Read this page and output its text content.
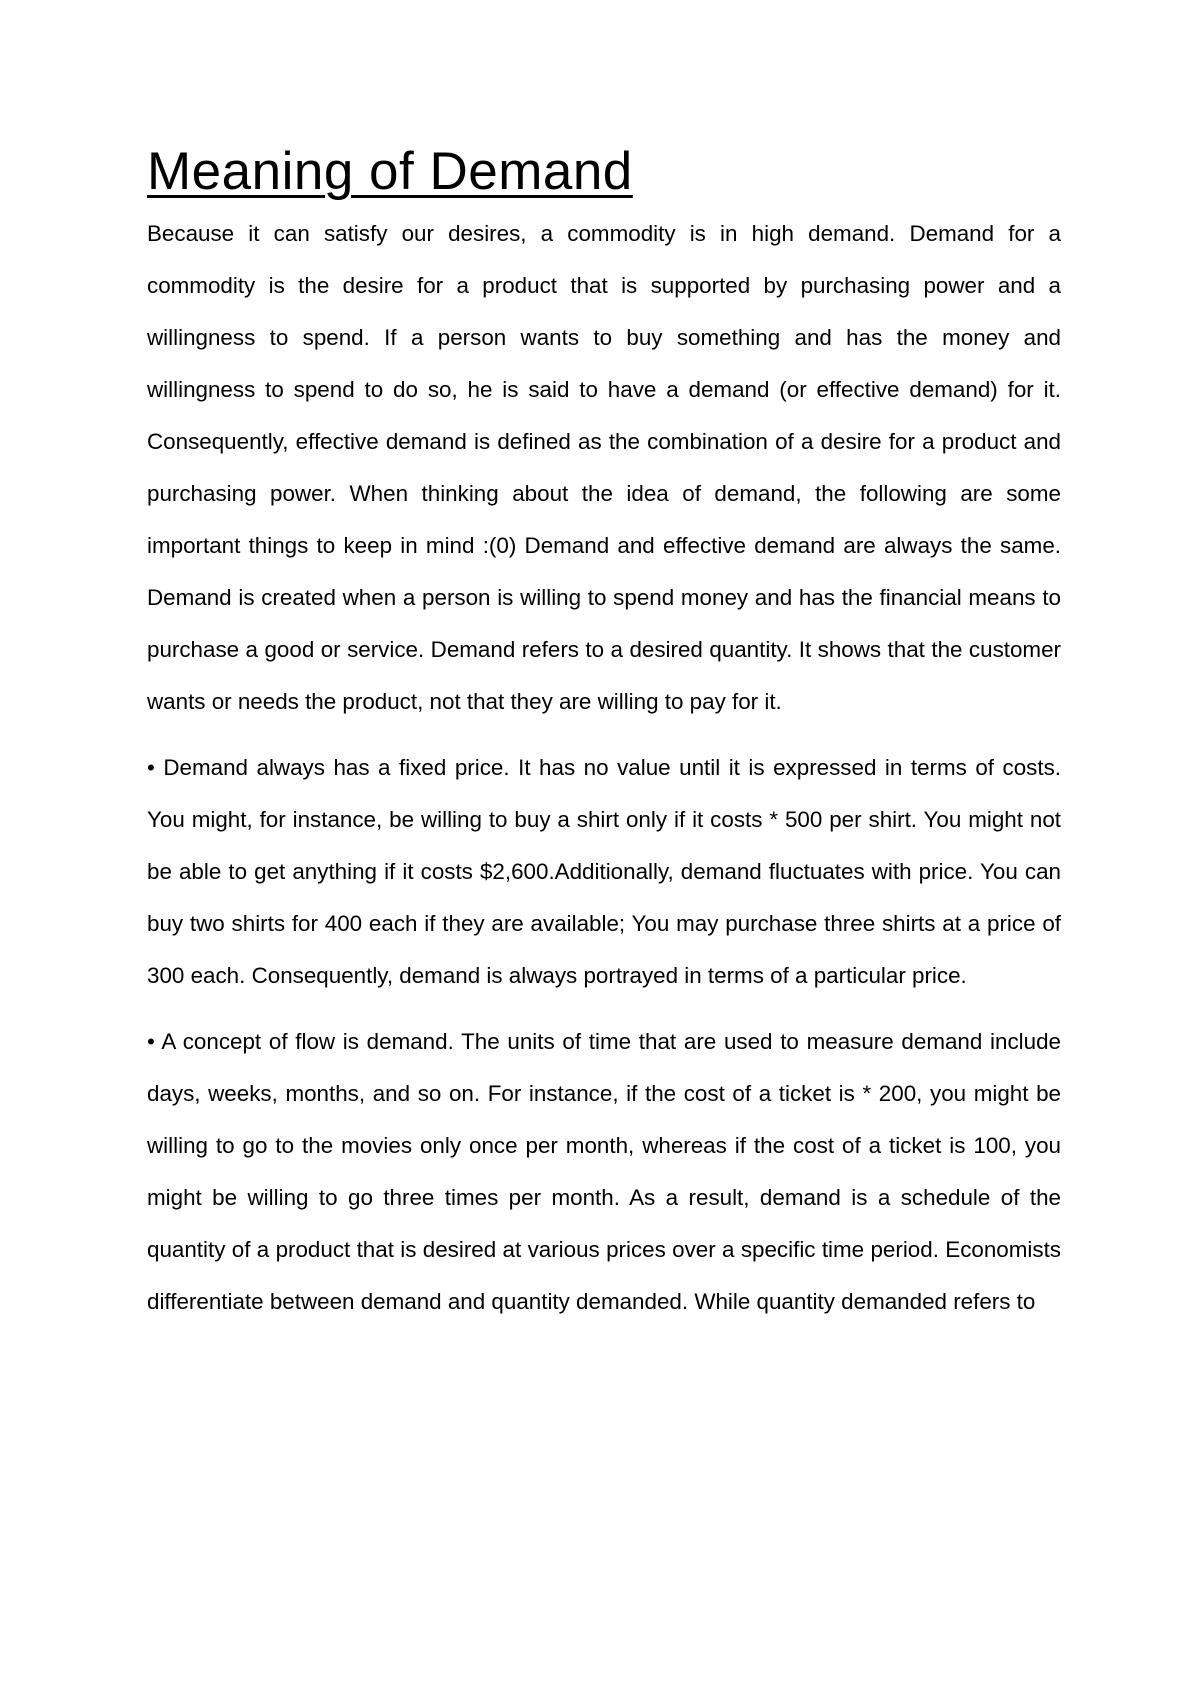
Meaning of Demand

Because it can satisfy our desires, a commodity is in high demand. Demand for a commodity is the desire for a product that is supported by purchasing power and a willingness to spend. If a person wants to buy something and has the money and willingness to spend to do so, he is said to have a demand (or effective demand) for it. Consequently, effective demand is defined as the combination of a desire for a product and purchasing power. When thinking about the idea of demand, the following are some important things to keep in mind :(0) Demand and effective demand are always the same. Demand is created when a person is willing to spend money and has the financial means to purchase a good or service. Demand refers to a desired quantity. It shows that the customer wants or needs the product, not that they are willing to pay for it.

• Demand always has a fixed price. It has no value until it is expressed in terms of costs. You might, for instance, be willing to buy a shirt only if it costs * 500 per shirt. You might not be able to get anything if it costs $2,600.Additionally, demand fluctuates with price. You can buy two shirts for 400 each if they are available; You may purchase three shirts at a price of 300 each. Consequently, demand is always portrayed in terms of a particular price.

• A concept of flow is demand. The units of time that are used to measure demand include days, weeks, months, and so on. For instance, if the cost of a ticket is * 200, you might be willing to go to the movies only once per month, whereas if the cost of a ticket is 100, you might be willing to go three times per month. As a result, demand is a schedule of the quantity of a product that is desired at various prices over a specific time period. Economists differentiate between demand and quantity demanded. While quantity demanded refers to
